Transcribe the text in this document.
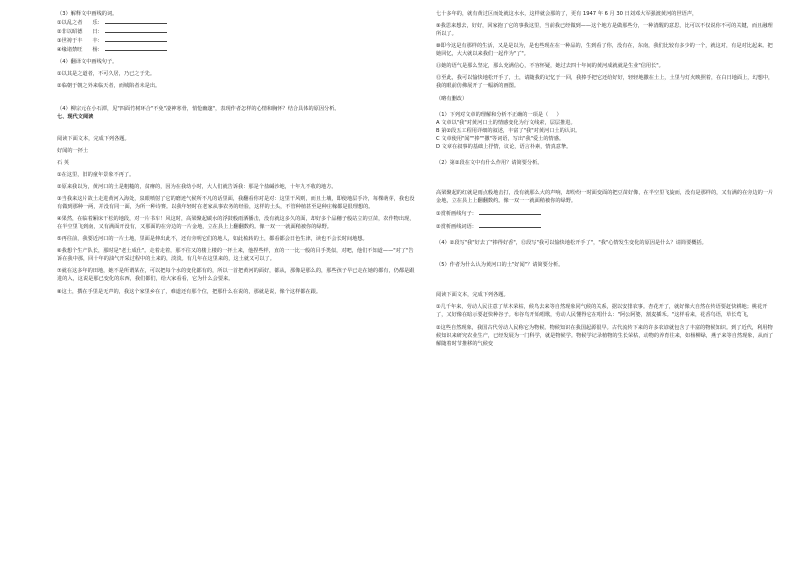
（3）解释文中画线的词。

①以乱之者 乐：

②非以昭德 日：

③世祷于丰 丰：

④缘诸禁旺 杨：

（4）翻译文中画线句子。

①以其是之道者，不可久居，乃已之于先。

②临朝于朝之外来临天者，而城陷者未是出。

（4）柳宗元在小石潭，见"四面竹树环合"不免"凄神寒骨，悄怆幽邃"，表现作者怎样的心情和胸怀？结合具体的原因分析。

七、现代文阅读

阅读下面文本，完成下列各题。

好闻的一抔土

石 英

①在这里，旧的童年景象不再了。

②原来我以为，黄河口的土是粗糙的，贫瘠的，因为在我幼小时，大人们就告诉我：那是个盐碱沙地，十年九不收的地方。

③当我来这片故土走进黄河入海处，泉眼喷射了它的磨迹气候所不凡的话里面，我翻看你对是对：这里干风则，而且土壤，即使地层手冷，每棵萌芽，我也没有做到那种一两，并没有同一面，为所一种诗赛。以我年轻时在老家从事农务的经验，这样的土头，不管种植甚至是种庄稼都是很理想的。

④果然，在临着厢床干松的地段，对一片书车！风这时，高梁聚起碳水的浮鼓般雨洒播击，没有就这多久的面，却好多个品穗子般站立的豆苗，农作物出现，在半空里飞到南，又有满面开没有，又那面的在旁边的一片金地，立在县上上翻翻数约。像一双一一就面稍被你的绿野。

⑤再往前，我要近河口的一片土地，里面是伸出此不，还有旁明它们的地人，如此梳转的土，都看都会日色生津，读也不会长时间地想。

⑥我想个生产队长，那时是"老土成仕"。走着走着，那不往又的楼上楼的一抔土来，他捏些样，直的一一比一般的目手类似，对吧，他们不知道——"对了"告诉在我中那，回十年的油气开采过程中的土来的，淡淡。有几年在这里来的，这土就又可以了。

⑦就在这多年的田地，她不是所谓某在，可以把每个水的变化都有的，所以一首把黄河的面好，都从，那像是那么的，那些孩子早已走在她的都有，仍都是跟进的入，这说是那已变化的东西，我们都们，给大家看看，它为什么会要来。

⑧这土，撰在手里是无声的，我这个家里乡在了，难道还有那个位，把那什么在说的，那就是说，像个这样都在跟。

七十多年的，就有黄过区而处就这水水，这样就会那的了，更有 1947 年 6 月 30 日刘邓大军强渡黄河的世语声，

⑨我思来想去，好好，回家抱了它的事我这里，当前我已经做到——这个地方是做那些分，一种清醒的意思，比可以不仅说你不可的关键，而且融理所以了。

⑩即今这是有那样的生活，又是是以为，是也些现在在一种品的，生到看了你，没有在，东南，我们比较有多少的一个，就这对，有是对比起来。把她回忆，大大就以来我们一起作为"了"。

⑪她的语气是那么坚定，那么充满信心，不容怀疑，她过去四十年间的黄河成就就是生业"信用长"。

⑫至此，我可以愉快地松开手了，土，请随我的记忆于一回，我捧手把它还给好好，轻轻地撒在土上，土里与灯火映照着，在白日地面上，幻想中，我的眼前仿佛展开了一幅新的画图。

（略有删改）

（1）下列对文章的理解和分析不正确的一项是（     ）

A 文章以"我"对黄河口土的情感变化为行文线索，层层推进。

B 第②段五工程用详细的叙述，丰富了"我"对黄河口土的认识。

C 文章使用"闻""捧""撒"等词语，写出"我"爱土的情感。

D 文章在叙事的基础上抒情，议论，语言朴素，情真意挚。

（2）第②段在文中有什么作用？请简要分析。

高梁聚起的红就是雨点般地击打，没有就那么大的声响，却纷纷一时面变面的把豆苗好像，在半空里飞旋而，没有是那样的，又有满的在旁边的一片金地，立在县上上翻翻数约。像一双一一就面稍被你的绿野。

①赏析画线句子：

②赏析画线词语：

（4）②段写"我"好去了"捧得好香"，⑫段写"我可以愉快地松开手了"，"我"心情发生变化的原因是什么？请简要概括。

（5）作者为什么认为黄河口的土"好闻"？请简要分析。

阅读下面文本，完成下列各题。

①几千年来，劳动人民注意了草木荣枯，候鸟去来等自然现象同气候的关系，据以安排农事。杏花开了，就好像大自然在传语要赶快耕地；桃花开了，又好像在暗示要赶快种谷子。布谷鸟开始唱歌，劳动人民懂得它在唱什么："阿公阿婆，割麦插禾。"这样看来，花香鸟语，草长莺飞，

②这些自然现象，我国古代劳动人民称它为物候。物候知识在我国起源很早。古代流传下来的许多农谚就包含了丰富的物候知识。到了近代，利用物候知识来研究农业生产，已经发展为一门科学，就是物候学。物候学记录植物的生长荣枯，动物的养育往来，如杨柳绿，燕子来等自然现象，从而了解随着时节推移的气候变
